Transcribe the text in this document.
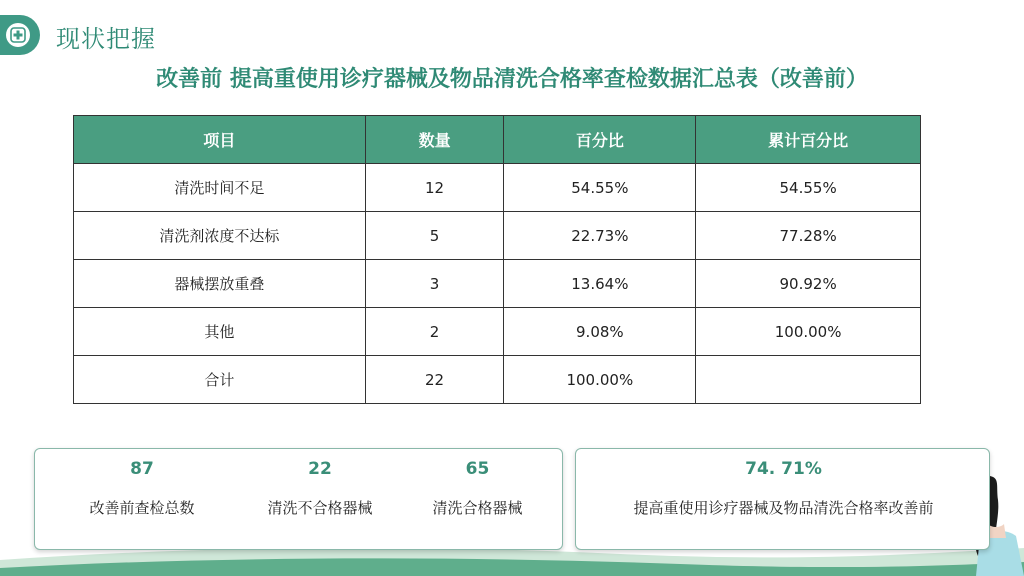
现状把握
改善前 提高重使用诊疗器械及物品清洗合格率查检数据汇总表（改善前）
项目	数量	百分比	累计百分比
清洗时间不足	12	54.55%	54.55%
清洗剂浓度不达标	5	22.73%	77.28%
器械摆放重叠	3	13.64%	90.92%
其他	2	9.08%	100.00%
合计	22	100.00%	
87
改善前查检总数
22
清洗不合格器械
65
清洗合格器械
74. 71%
提高重使用诊疗器械及物品清洗合格率改善前
